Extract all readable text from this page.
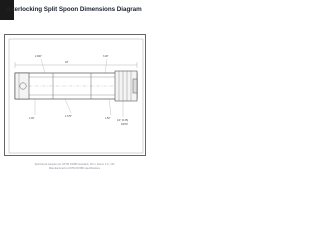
Interlocking Split Spoon Dimensions Diagram
18"
2.000"	3.00"
2.00"
1.375"
1.50"
1/4" (6.35)
ASTM
Split barrel sampler per ASTM D1586 standard, 18 in. barrel, 2 in. OD
Manufactured to ASTM D1586 specifications
